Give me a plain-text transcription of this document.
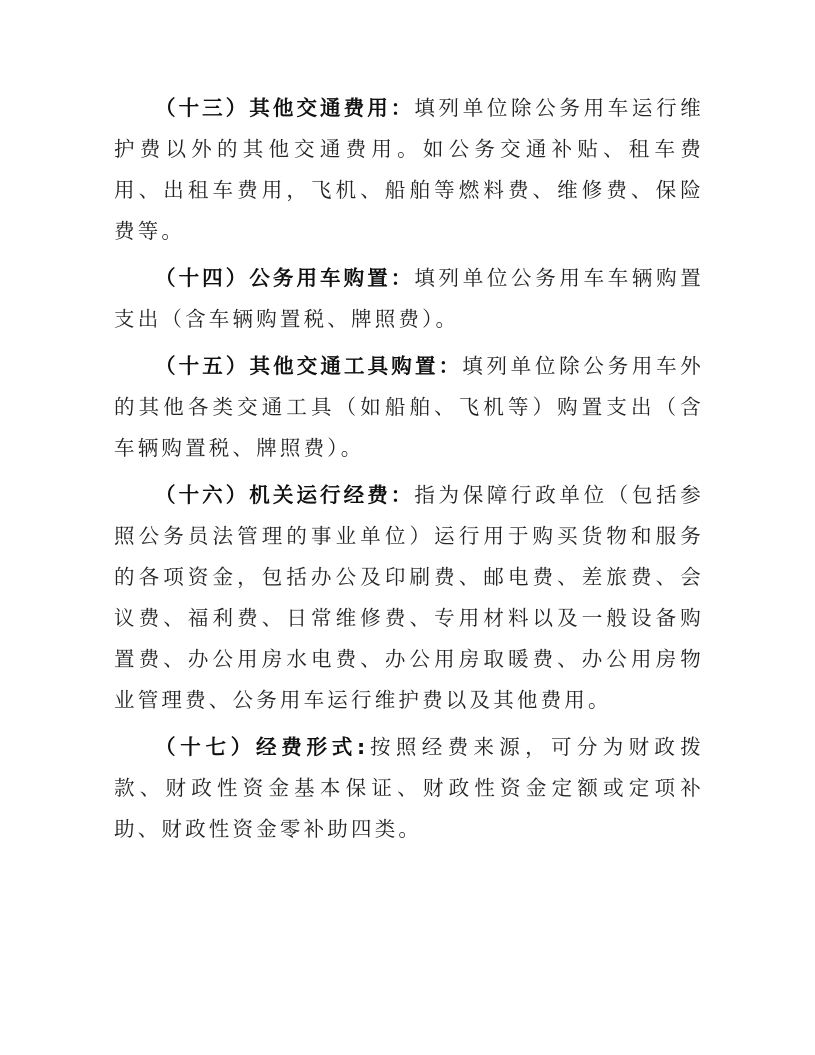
（十三）其他交通费用：填列单位除公务用车运行维护费以外的其他交通费用。如公务交通补贴、租车费用、出租车费用，飞机、船舶等燃料费、维修费、保险费等。

（十四）公务用车购置：填列单位公务用车车辆购置支出（含车辆购置税、牌照费）。

（十五）其他交通工具购置：填列单位除公务用车外的其他各类交通工具（如船舶、飞机等）购置支出（含车辆购置税、牌照费）。

（十六）机关运行经费：指为保障行政单位（包括参照公务员法管理的事业单位）运行用于购买货物和服务的各项资金，包括办公及印刷费、邮电费、差旅费、会议费、福利费、日常维修费、专用材料以及一般设备购置费、办公用房水电费、办公用房取暖费、办公用房物业管理费、公务用车运行维护费以及其他费用。

（十七）经费形式:按照经费来源，可分为财政拨款、财政性资金基本保证、财政性资金定额或定项补助、财政性资金零补助四类。
